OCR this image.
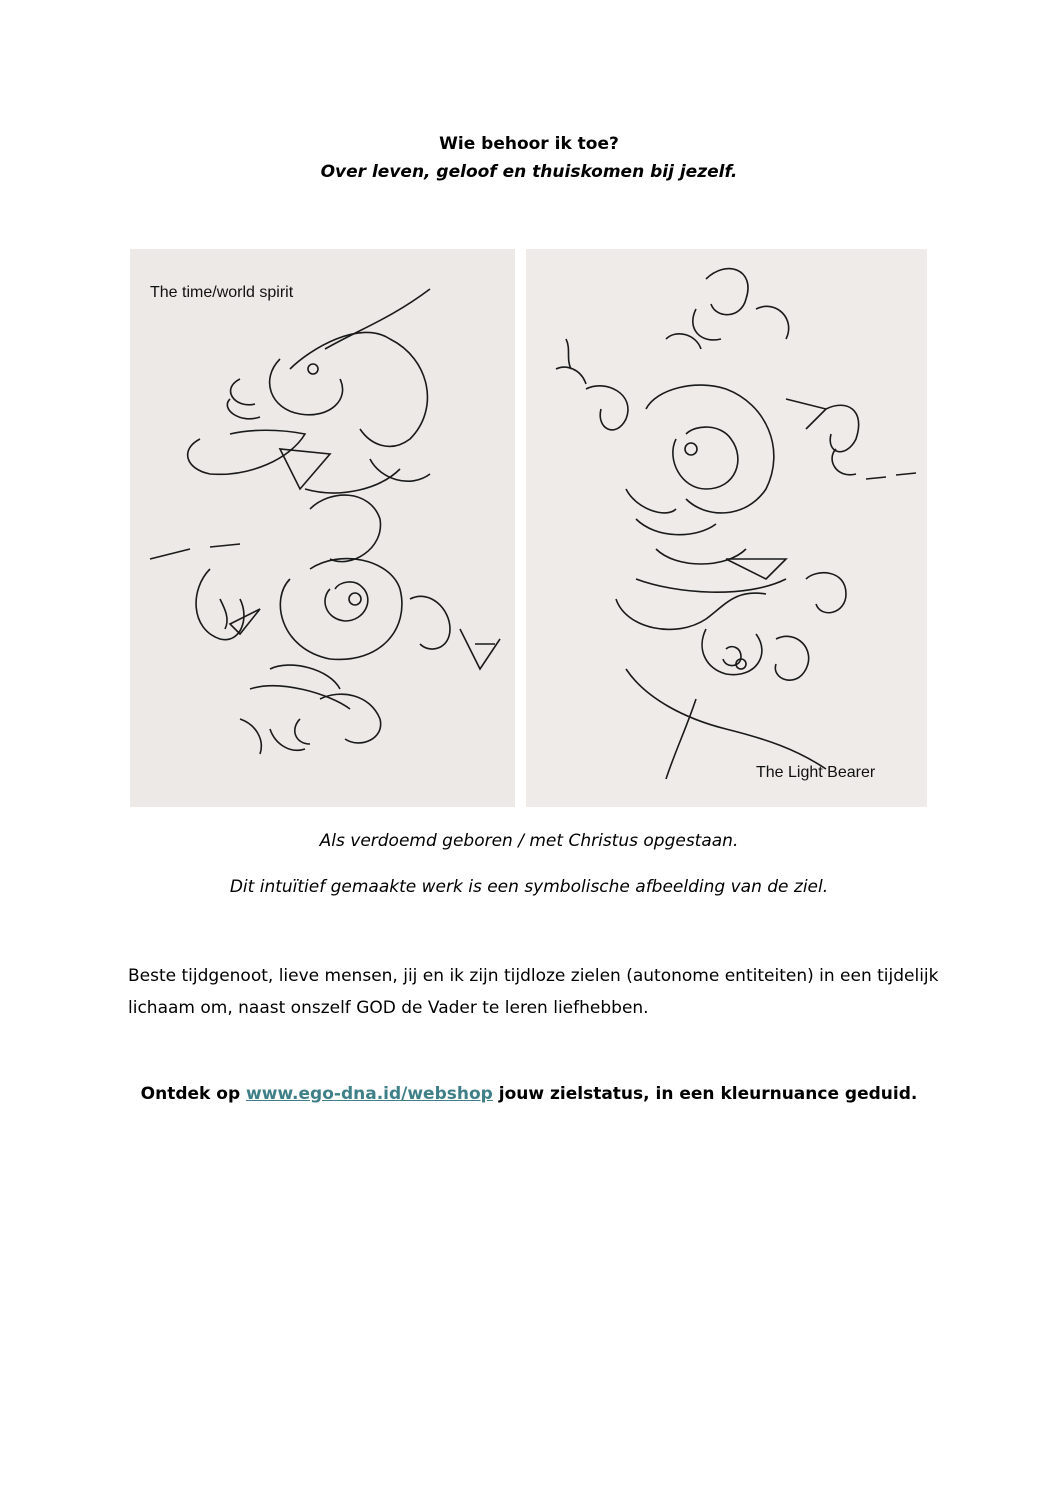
Wie behoor ik toe?
Over leven, geloof en thuiskomen bij jezelf.
The time/world spirit
The Light Bearer
Als verdoemd geboren / met Christus opgestaan.
Dit intuïtief gemaakte werk is een symbolische afbeelding van de ziel.
Beste tijdgenoot, lieve mensen, jij en ik zijn tijdloze zielen (autonome entiteiten) in een tijdelijk lichaam om, naast onszelf GOD de Vader te leren liefhebben.
Ontdek op www.ego-dna.id/webshop jouw zielstatus, in een kleurnuance geduid.
